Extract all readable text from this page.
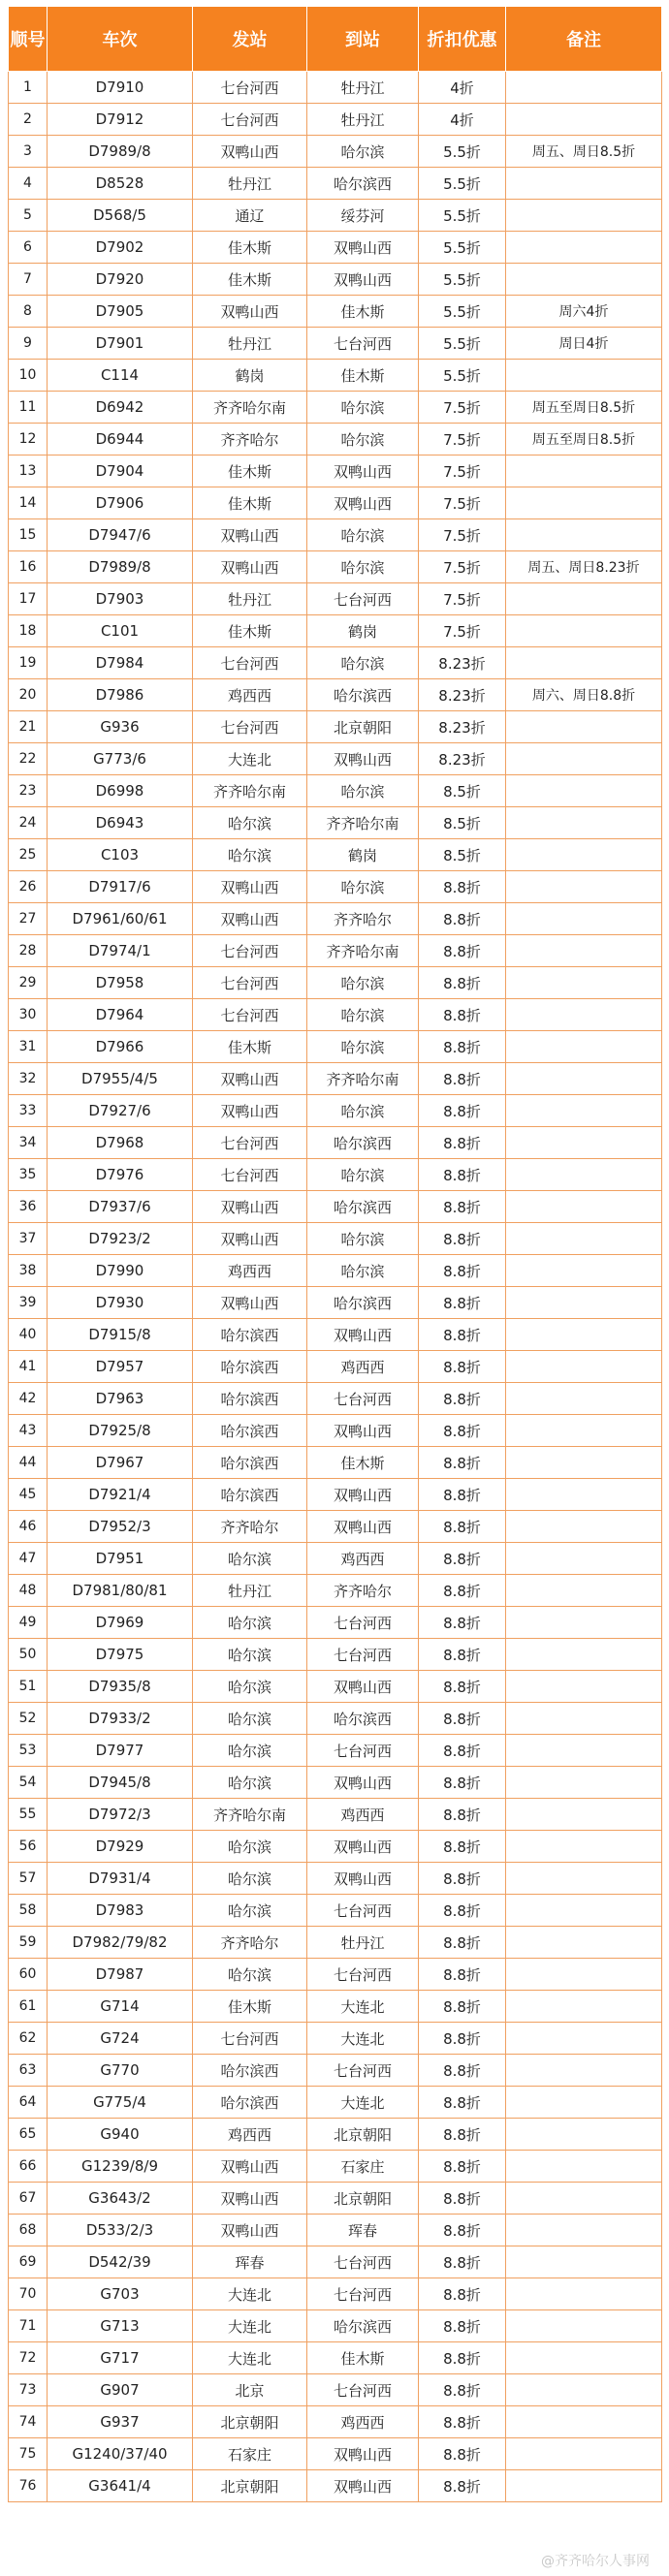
顺号	车次	发站	到站	折扣优惠	备注
1	D7910	七台河西	牡丹江	4折	
2	D7912	七台河西	牡丹江	4折	
3	D7989/8	双鸭山西	哈尔滨	5.5折	周五、周日8.5折
4	D8528	牡丹江	哈尔滨西	5.5折	
5	D568/5	通辽	绥芬河	5.5折	
6	D7902	佳木斯	双鸭山西	5.5折	
7	D7920	佳木斯	双鸭山西	5.5折	
8	D7905	双鸭山西	佳木斯	5.5折	周六4折
9	D7901	牡丹江	七台河西	5.5折	周日4折
10	C114	鹤岗	佳木斯	5.5折	
11	D6942	齐齐哈尔南	哈尔滨	7.5折	周五至周日8.5折
12	D6944	齐齐哈尔	哈尔滨	7.5折	周五至周日8.5折
13	D7904	佳木斯	双鸭山西	7.5折	
14	D7906	佳木斯	双鸭山西	7.5折	
15	D7947/6	双鸭山西	哈尔滨	7.5折	
16	D7989/8	双鸭山西	哈尔滨	7.5折	周五、周日8.23折
17	D7903	牡丹江	七台河西	7.5折	
18	C101	佳木斯	鹤岗	7.5折	
19	D7984	七台河西	哈尔滨	8.23折	
20	D7986	鸡西西	哈尔滨西	8.23折	周六、周日8.8折
21	G936	七台河西	北京朝阳	8.23折	
22	G773/6	大连北	双鸭山西	8.23折	
23	D6998	齐齐哈尔南	哈尔滨	8.5折	
24	D6943	哈尔滨	齐齐哈尔南	8.5折	
25	C103	哈尔滨	鹤岗	8.5折	
26	D7917/6	双鸭山西	哈尔滨	8.8折	
27	D7961/60/61	双鸭山西	齐齐哈尔	8.8折	
28	D7974/1	七台河西	齐齐哈尔南	8.8折	
29	D7958	七台河西	哈尔滨	8.8折	
30	D7964	七台河西	哈尔滨	8.8折	
31	D7966	佳木斯	哈尔滨	8.8折	
32	D7955/4/5	双鸭山西	齐齐哈尔南	8.8折	
33	D7927/6	双鸭山西	哈尔滨	8.8折	
34	D7968	七台河西	哈尔滨西	8.8折	
35	D7976	七台河西	哈尔滨	8.8折	
36	D7937/6	双鸭山西	哈尔滨西	8.8折	
37	D7923/2	双鸭山西	哈尔滨	8.8折	
38	D7990	鸡西西	哈尔滨	8.8折	
39	D7930	双鸭山西	哈尔滨西	8.8折	
40	D7915/8	哈尔滨西	双鸭山西	8.8折	
41	D7957	哈尔滨西	鸡西西	8.8折	
42	D7963	哈尔滨西	七台河西	8.8折	
43	D7925/8	哈尔滨西	双鸭山西	8.8折	
44	D7967	哈尔滨西	佳木斯	8.8折	
45	D7921/4	哈尔滨西	双鸭山西	8.8折	
46	D7952/3	齐齐哈尔	双鸭山西	8.8折	
47	D7951	哈尔滨	鸡西西	8.8折	
48	D7981/80/81	牡丹江	齐齐哈尔	8.8折	
49	D7969	哈尔滨	七台河西	8.8折	
50	D7975	哈尔滨	七台河西	8.8折	
51	D7935/8	哈尔滨	双鸭山西	8.8折	
52	D7933/2	哈尔滨	哈尔滨西	8.8折	
53	D7977	哈尔滨	七台河西	8.8折	
54	D7945/8	哈尔滨	双鸭山西	8.8折	
55	D7972/3	齐齐哈尔南	鸡西西	8.8折	
56	D7929	哈尔滨	双鸭山西	8.8折	
57	D7931/4	哈尔滨	双鸭山西	8.8折	
58	D7983	哈尔滨	七台河西	8.8折	
59	D7982/79/82	齐齐哈尔	牡丹江	8.8折	
60	D7987	哈尔滨	七台河西	8.8折	
61	G714	佳木斯	大连北	8.8折	
62	G724	七台河西	大连北	8.8折	
63	G770	哈尔滨西	七台河西	8.8折	
64	G775/4	哈尔滨西	大连北	8.8折	
65	G940	鸡西西	北京朝阳	8.8折	
66	G1239/8/9	双鸭山西	石家庄	8.8折	
67	G3643/2	双鸭山西	北京朝阳	8.8折	
68	D533/2/3	双鸭山西	珲春	8.8折	
69	D542/39	珲春	七台河西	8.8折	
70	G703	大连北	七台河西	8.8折	
71	G713	大连北	哈尔滨西	8.8折	
72	G717	大连北	佳木斯	8.8折	
73	G907	北京	七台河西	8.8折	
74	G937	北京朝阳	鸡西西	8.8折	
75	G1240/37/40	石家庄	双鸭山西	8.8折	
76	G3641/4	北京朝阳	双鸭山西	8.8折	
@齐齐哈尔人事网
